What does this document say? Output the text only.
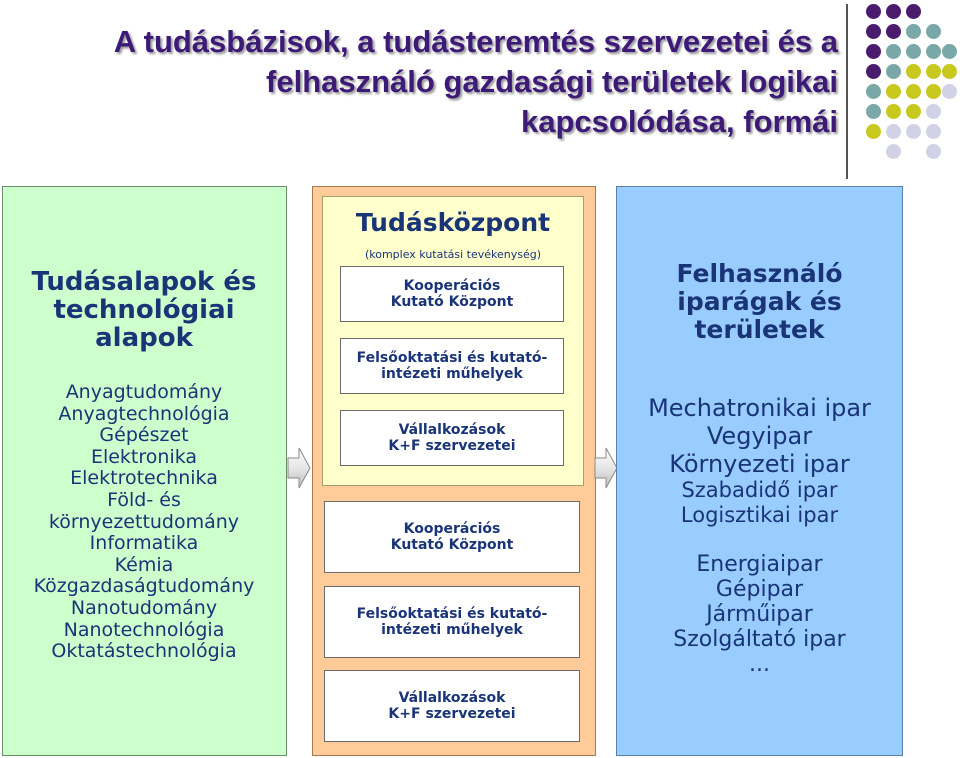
A tudásbázisok, a tudásteremtés szervezetei és a
felhasználó gazdasági területek logikai
kapcsolódása, formái
Tudásalapok és
technológiai
alapok
Anyagtudomány
Anyagtechnológia
Gépészet
Elektronika
Elektrotechnika
Föld- és
környezettudomány
Informatika
Kémia
Közgazdaságtudomány
Nanotudomány
Nanotechnológia
Oktatástechnológia
Tudásközpont
(komplex kutatási tevékenység)
Kooperációs
Kutató Központ
Felsőoktatási és kutató-
intézeti műhelyek
Vállalkozások
K+F szervezetei
Kooperációs
Kutató Központ
Felsőoktatási és kutató-
intézeti műhelyek
Vállalkozások
K+F szervezetei
Felhasználó
iparágak és
területek
Mechatronikai ipar
Vegyipar
Környezeti ipar
Szabadidő ipar
Logisztikai ipar
Energiaipar
Gépipar
Járműipar
Szolgáltató ipar
...
